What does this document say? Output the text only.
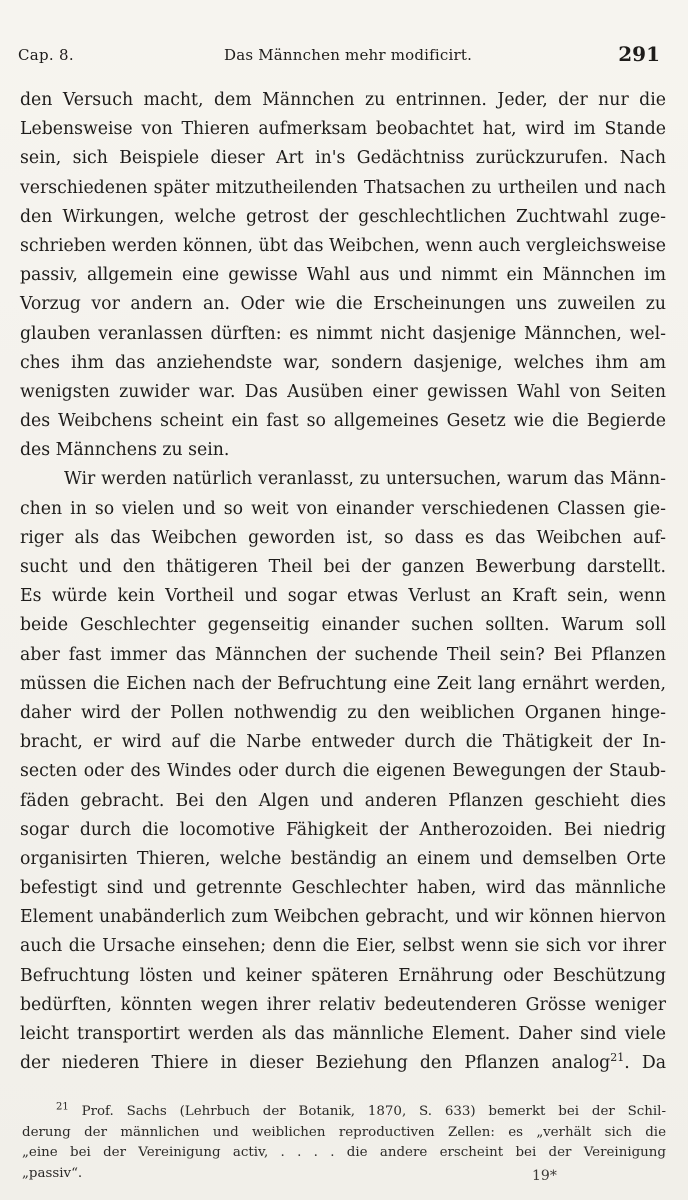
Cap. 8.	Das Männchen mehr modificirt.	291
den Versuch macht, dem Männchen zu entrinnen. Jeder, der nur die
Lebensweise von Thieren aufmerksam beobachtet hat, wird im Stande
sein, sich Beispiele dieser Art in's Gedächtniss zurückzurufen. Nach
verschiedenen später mitzutheilenden Thatsachen zu urtheilen und nach
den Wirkungen, welche getrost der geschlechtlichen Zuchtwahl zuge-
schrieben werden können, übt das Weibchen, wenn auch vergleichsweise
passiv, allgemein eine gewisse Wahl aus und nimmt ein Männchen im
Vorzug vor andern an. Oder wie die Erscheinungen uns zuweilen zu
glauben veranlassen dürften: es nimmt nicht dasjenige Männchen, wel-
ches ihm das anziehendste war, sondern dasjenige, welches ihm am
wenigsten zuwider war. Das Ausüben einer gewissen Wahl von Seiten
des Weibchens scheint ein fast so allgemeines Gesetz wie die Begierde
des Männchens zu sein.
Wir werden natürlich veranlasst, zu untersuchen, warum das Männ-
chen in so vielen und so weit von einander verschiedenen Classen gie-
riger als das Weibchen geworden ist, so dass es das Weibchen auf-
sucht und den thätigeren Theil bei der ganzen Bewerbung darstellt.
Es würde kein Vortheil und sogar etwas Verlust an Kraft sein, wenn
beide Geschlechter gegenseitig einander suchen sollten. Warum soll
aber fast immer das Männchen der suchende Theil sein? Bei Pflanzen
müssen die Eichen nach der Befruchtung eine Zeit lang ernährt werden,
daher wird der Pollen nothwendig zu den weiblichen Organen hinge-
bracht, er wird auf die Narbe entweder durch die Thätigkeit der In-
secten oder des Windes oder durch die eigenen Bewegungen der Staub-
fäden gebracht. Bei den Algen und anderen Pflanzen geschieht dies
sogar durch die locomotive Fähigkeit der Antherozoiden. Bei niedrig
organisirten Thieren, welche beständig an einem und demselben Orte
befestigt sind und getrennte Geschlechter haben, wird das männliche
Element unabänderlich zum Weibchen gebracht, und wir können hiervon
auch die Ursache einsehen; denn die Eier, selbst wenn sie sich vor ihrer
Befruchtung lösten und keiner späteren Ernährung oder Beschützung
bedürften, könnten wegen ihrer relativ bedeutenderen Grösse weniger
leicht transportirt werden als das männliche Element. Daher sind viele
der niederen Thiere in dieser Beziehung den Pflanzen analog$^{21}$. Da
$^{21}$ Prof. Sachs (Lehrbuch der Botanik, 1870, S. 633) bemerkt bei der Schil-
derung der männlichen und weiblichen reproductiven Zellen: es „verhält sich die
„eine bei der Vereinigung activ, . . . . die andere erscheint bei der Vereinigung
„passiv“.	19*
